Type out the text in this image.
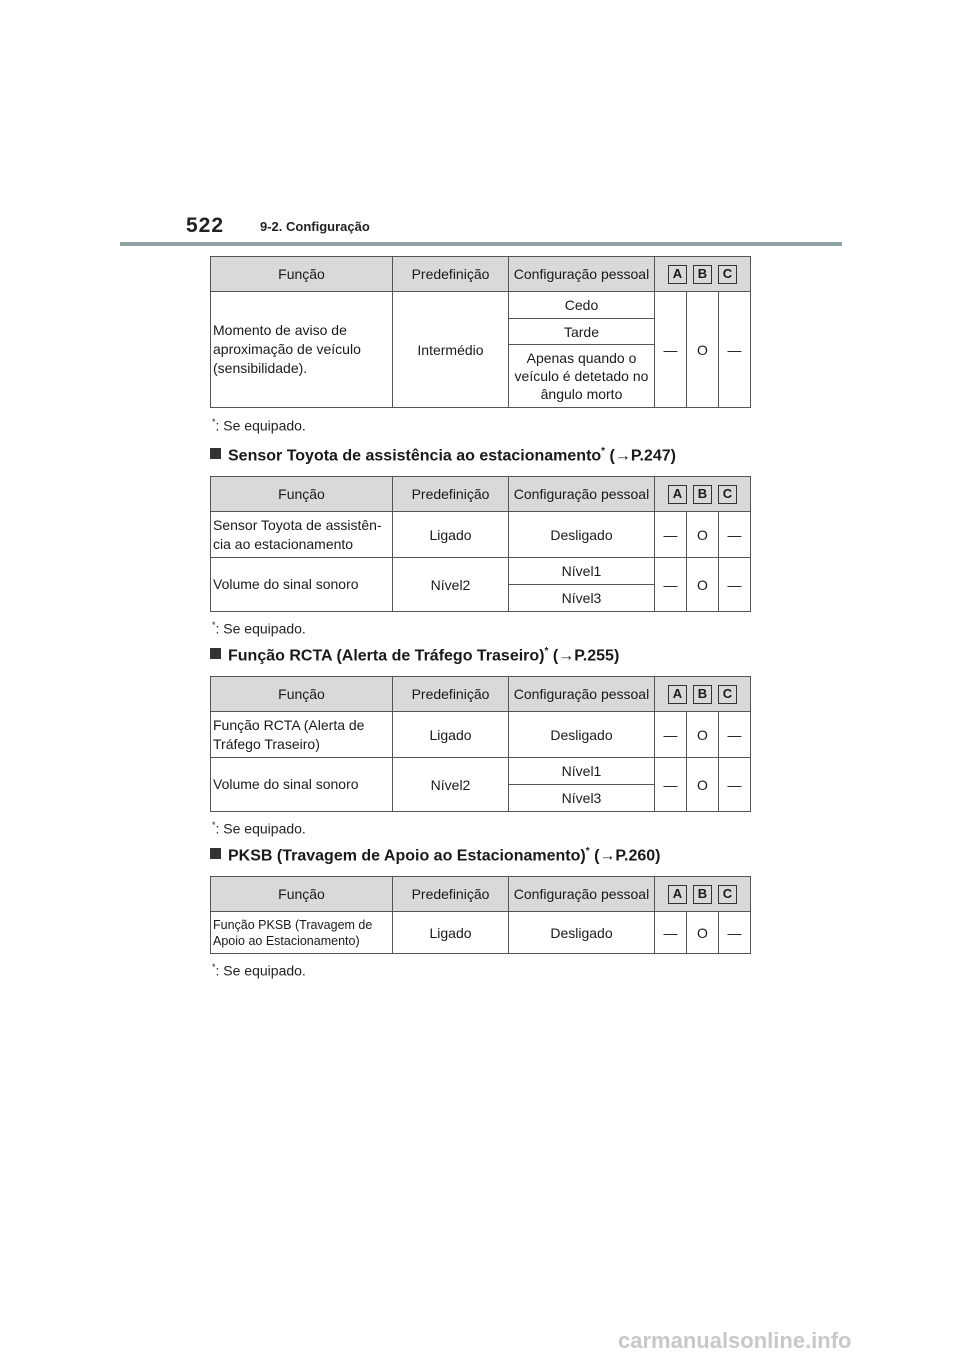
522	9-2. Configuração
Função	Predefinição	Configuração pessoal	A B C		
Momento de aviso de aproximação de veículo (sensibilidade).	Intermédio	Cedo	—	O	—
		Tarde			
		Apenas quando o veículo é detetado no ângulo morto			
*: Se equipado.
Sensor Toyota de assistência ao estacionamento* (→P.247)
Função	Predefinição	Configuração pessoal	A B C		
Sensor Toyota de assistên-cia ao estacionamento	Ligado	Desligado	—	O	—
Volume do sinal sonoro	Nível2	Nível1	—	O	—
		Nível3			
*: Se equipado.
Função RCTA (Alerta de Tráfego Traseiro)* (→P.255)
Função	Predefinição	Configuração pessoal	A B C		
Função RCTA (Alerta de Tráfego Traseiro)	Ligado	Desligado	—	O	—
Volume do sinal sonoro	Nível2	Nível1	—	O	—
		Nível3			
*: Se equipado.
PKSB (Travagem de Apoio ao Estacionamento)* (→P.260)
Função	Predefinição	Configuração pessoal	A B C		
Função PKSB (Travagem de Apoio ao Estacionamento)	Ligado	Desligado	—	O	—
*: Se equipado.
carmanualsonline.info
